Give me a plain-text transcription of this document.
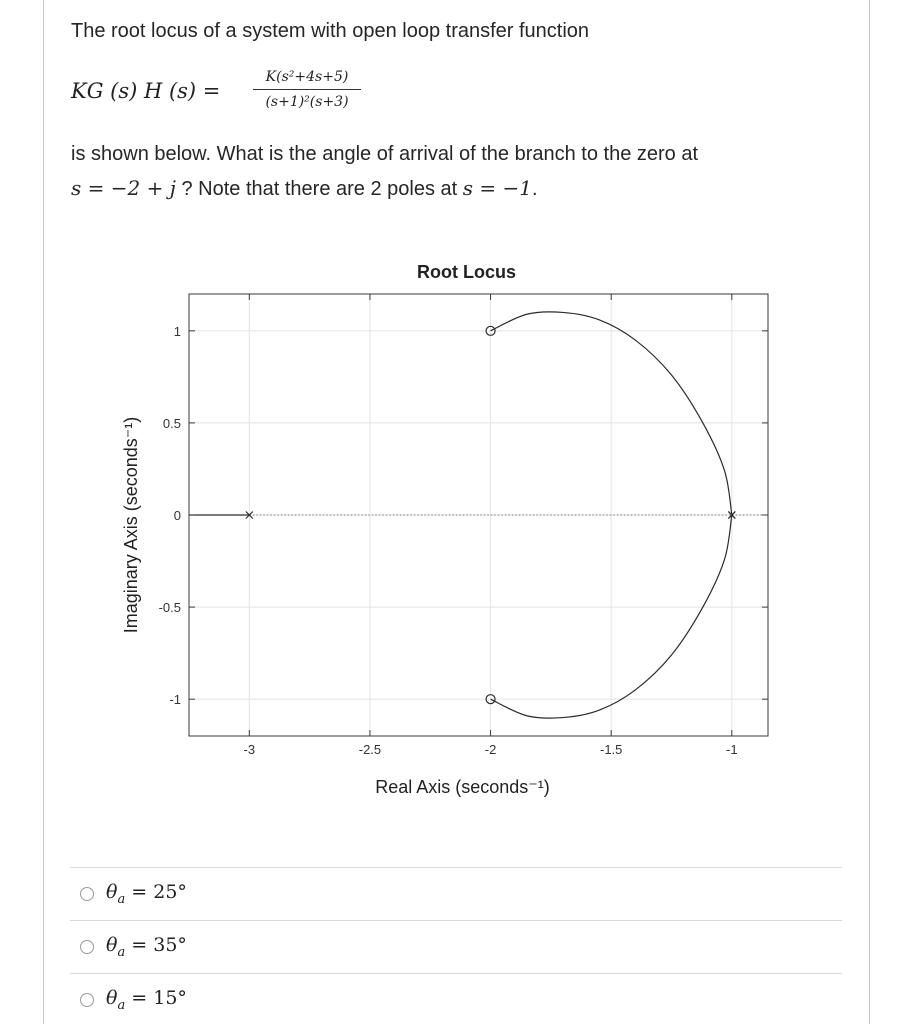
The root locus of a system with open loop transfer function
KG (s) H (s) =
K(s²+4s+5)
(s+1)²(s+3)
is shown below. What is the angle of arrival of the branch to the zero at
s = −2 + j ? Note that there are 2 poles at s = −1.
-3	-2.5	-2	-1.5	-1
-1
-0.5
0
0.5
1
Root Locus
Real Axis (seconds⁻¹)
Imaginary Axis (seconds⁻¹)
$\theta_a = 25^\circ$
$\theta_a = 35^\circ$
$\theta_a = 15^\circ$
